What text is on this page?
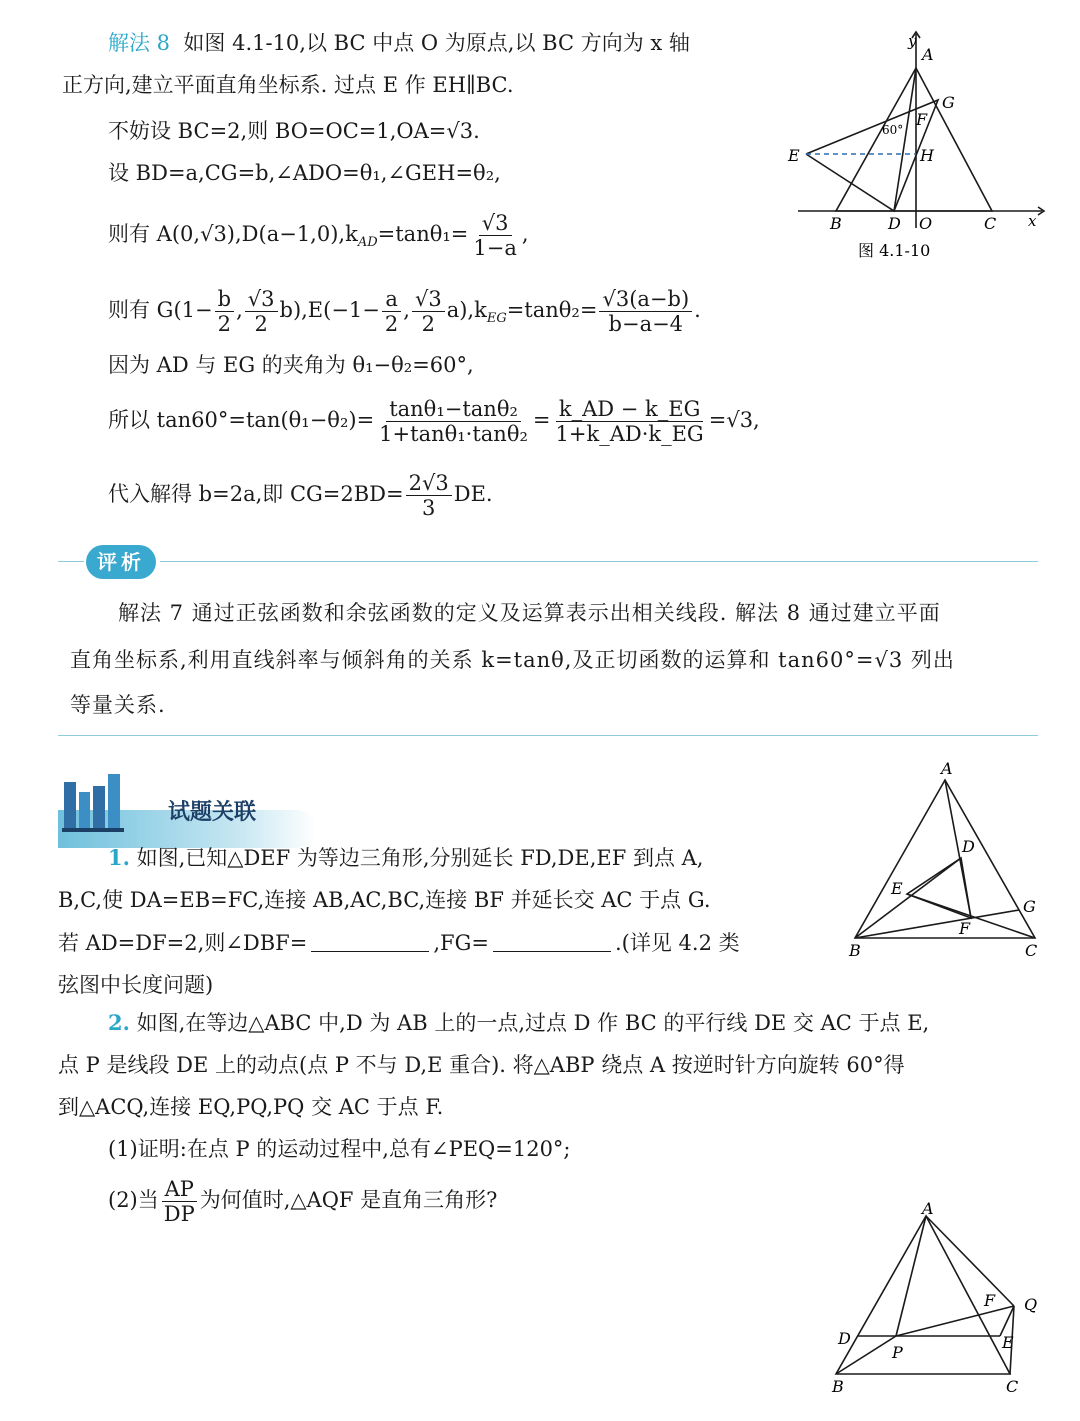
解法 8 如图 4.1-10,以 BC 中点 O 为原点,以 BC 方向为 x 轴
正方向,建立平面直角坐标系. 过点 E 作 EH∥BC.
不妨设 BC=2,则 BO=OC=1,OA=√3.
设 BD=a,CG=b,∠ADO=θ₁,∠GEH=θ₂,
则有 $A(0,√3),D(a-1,0),k_{AD}=\tan\theta_1= \frac{√3}{1-a}$ ,
则有 $G(1- \frac{b}{2}$ , $\frac{√3}{2} b),E(-1- \frac{a}{2}$ , $\frac{√3}{2} a),k_{EG}=\tan\theta_2= \frac{√3(a-b)}{b-a-4}$ .
因为 AD 与 EG 的夹角为 θ₁−θ₂=60°,
所以 $\tan 60^\circ=\tan(\theta_1-\theta_2)= \frac{\text{tanθ₁−tanθ₂}}{\text{1+tanθ₁·tanθ₂}} = \frac{k\_AD - k\_EG}{1+k\_AD\cdot k\_EG} =√3$,
代入解得 b=2a,即 $CG=2BD= \frac{2√3}{3}$ DE.
y
A
G
F
60°
E	H
B	D O	C x
图 4.1-10
评析
解法 7 通过正弦函数和余弦函数的定义及运算表示出相关线段. 解法 8 通过建立平面
直角坐标系,利用直线斜率与倾斜角的关系 k=tanθ,及正切函数的运算和 tan60°=√3 列出
等量关系.
试题关联
1. 如图,已知△DEF 为等边三角形,分别延长 FD,DE,EF 到点 A,
B,C,使 DA=EB=FC,连接 AB,AC,BC,连接 BF 并延长交 AC 于点 G.
若 AD=DF=2,则∠DBF=	,FG=	.(详见 4.2 类
弦图中长度问题)
A
D
E
G
F
B	C
2. 如图,在等边△ABC 中,D 为 AB 上的一点,过点 D 作 BC 的平行线 DE 交 AC 于点 E,
点 P 是线段 DE 上的动点(点 P 不与 D,E 重合). 将△ABP 绕点 A 按逆时针方向旋转 60°得
到△ACQ,连接 EQ,PQ,PQ 交 AC 于点 F.
(1)证明:在点 P 的运动过程中,总有∠PEQ=120°;
(2)当 $\frac{AP}{DP}$ 为何值时,△AQF 是直角三角形?	A
F Q
D	E
P
B	C
